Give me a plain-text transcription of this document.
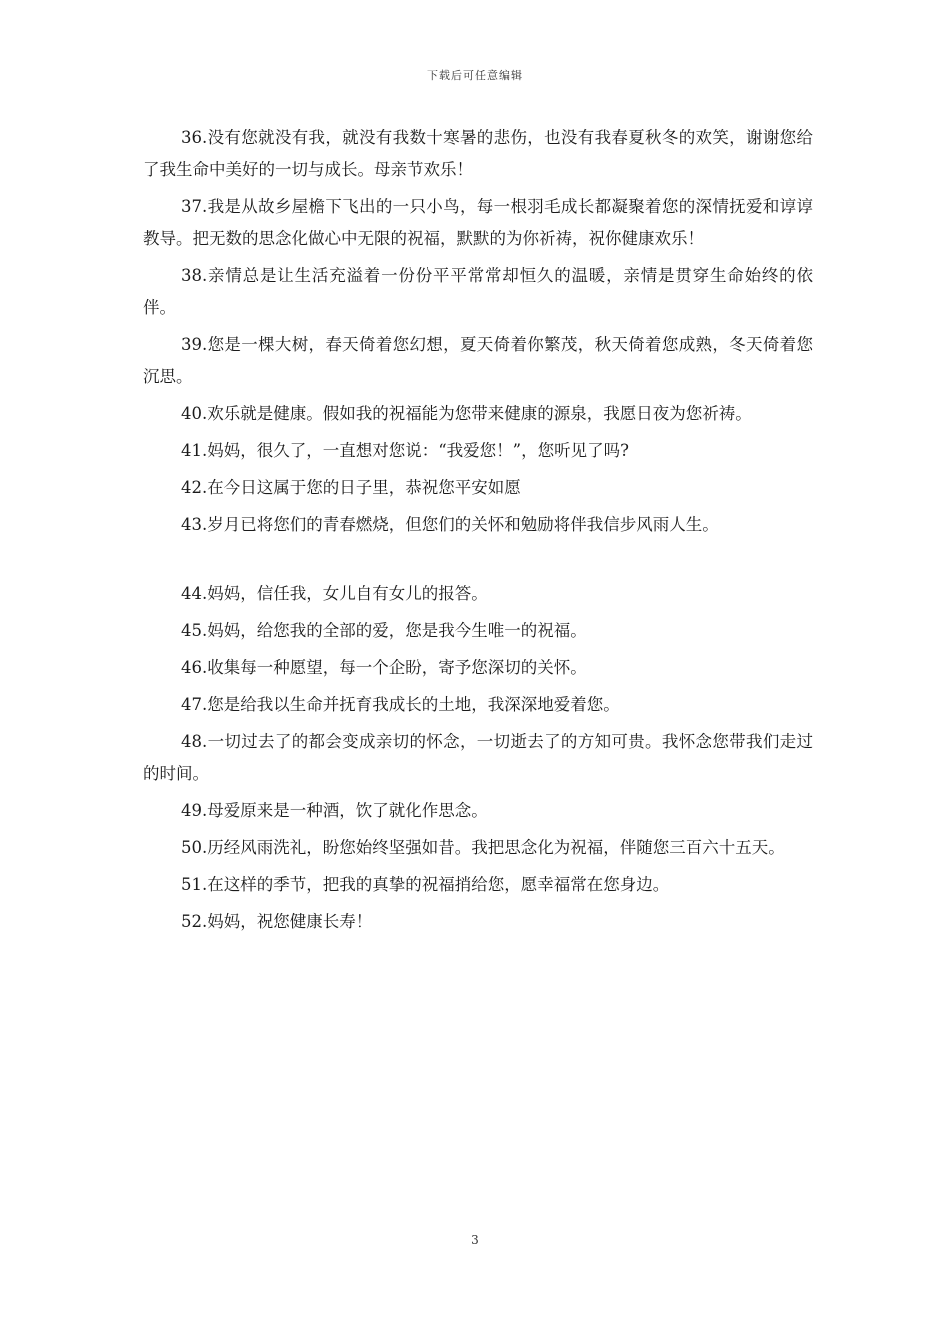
下载后可任意编辑

36.没有您就没有我，就没有我数十寒暑的悲伤，也没有我春夏秋冬的欢笑，谢谢您给了我生命中美好的一切与成长。母亲节欢乐！

37.我是从故乡屋檐下飞出的一只小鸟，每一根羽毛成长都凝聚着您的深情抚爱和谆谆教导。把无数的思念化做心中无限的祝福，默默的为你祈祷，祝你健康欢乐！

38.亲情总是让生活充溢着一份份平平常常却恒久的温暖，亲情是贯穿生命始终的依伴。

39.您是一棵大树，春天倚着您幻想，夏天倚着你繁茂，秋天倚着您成熟，冬天倚着您沉思。

40.欢乐就是健康。假如我的祝福能为您带来健康的源泉，我愿日夜为您祈祷。

41.妈妈，很久了，一直想对您说：“我爱您！”，您听见了吗?

42.在今日这属于您的日子里，恭祝您平安如愿

43.岁月已将您们的青春燃烧，但您们的关怀和勉励将伴我信步风雨人生。

44.妈妈，信任我，女儿自有女儿的报答。

45.妈妈，给您我的全部的爱，您是我今生唯一的祝福。

46.收集每一种愿望，每一个企盼，寄予您深切的关怀。

47.您是给我以生命并抚育我成长的土地，我深深地爱着您。

48.一切过去了的都会变成亲切的怀念，一切逝去了的方知可贵。我怀念您带我们走过的时间。

49.母爱原来是一种酒，饮了就化作思念。

50.历经风雨洗礼，盼您始终坚强如昔。我把思念化为祝福，伴随您三百六十五天。

51.在这样的季节，把我的真挚的祝福捎给您，愿幸福常在您身边。

52.妈妈，祝您健康长寿！

3
